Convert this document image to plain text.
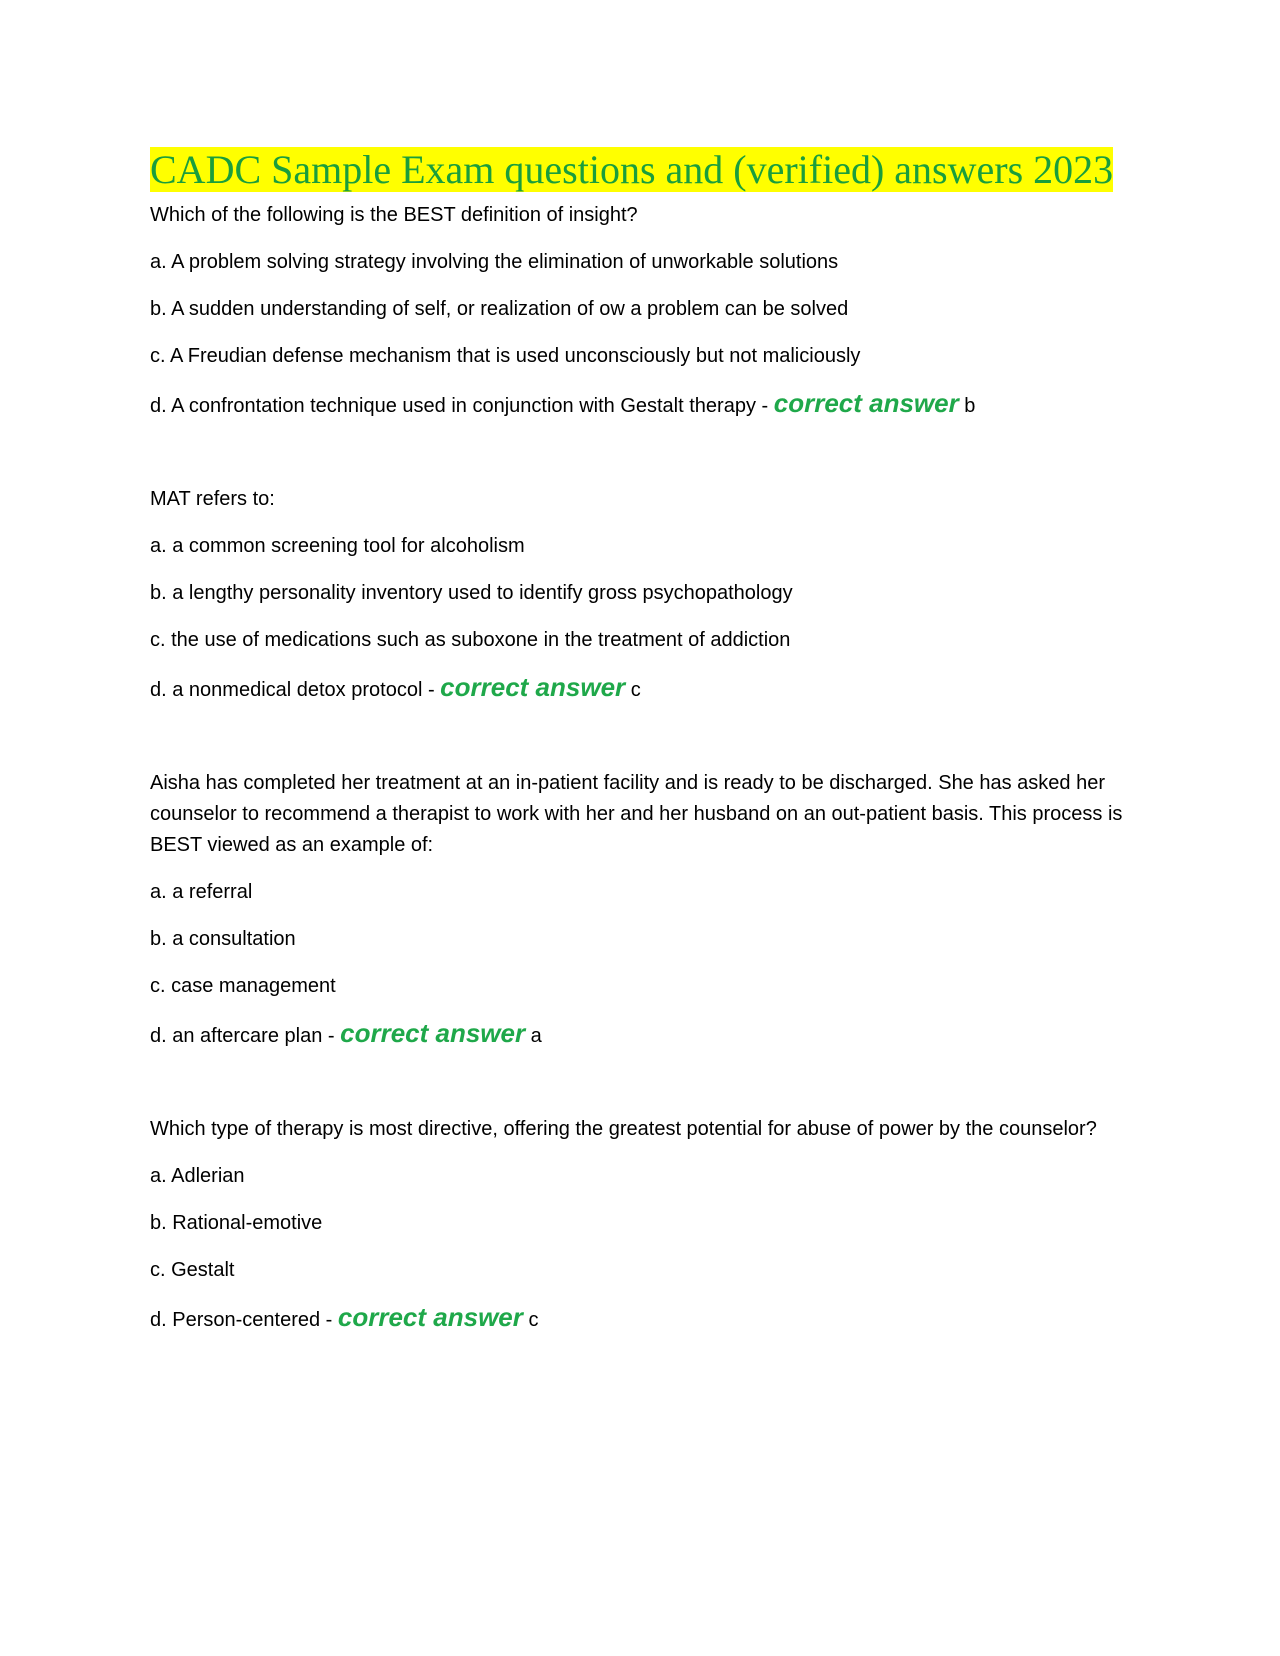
CADC Sample Exam questions and (verified) answers 2023

Which of the following is the BEST definition of insight?

a. A problem solving strategy involving the elimination of unworkable solutions

b. A sudden understanding of self, or realization of ow a problem can be solved

c. A Freudian defense mechanism that is used unconsciously but not maliciously

d. A confrontation technique used in conjunction with Gestalt therapy - correct answer b

MAT refers to:

a. a common screening tool for alcoholism

b. a lengthy personality inventory used to identify gross psychopathology

c. the use of medications such as suboxone in the treatment of addiction

d. a nonmedical detox protocol - correct answer c

Aisha has completed her treatment at an in-patient facility and is ready to be discharged. She has asked her counselor to recommend a therapist to work with her and her husband on an out-patient basis. This process is BEST viewed as an example of:

a. a referral

b. a consultation

c. case management

d. an aftercare plan - correct answer a

Which type of therapy is most directive, offering the greatest potential for abuse of power by the counselor?

a. Adlerian

b. Rational-emotive

c. Gestalt

d. Person-centered - correct answer c
